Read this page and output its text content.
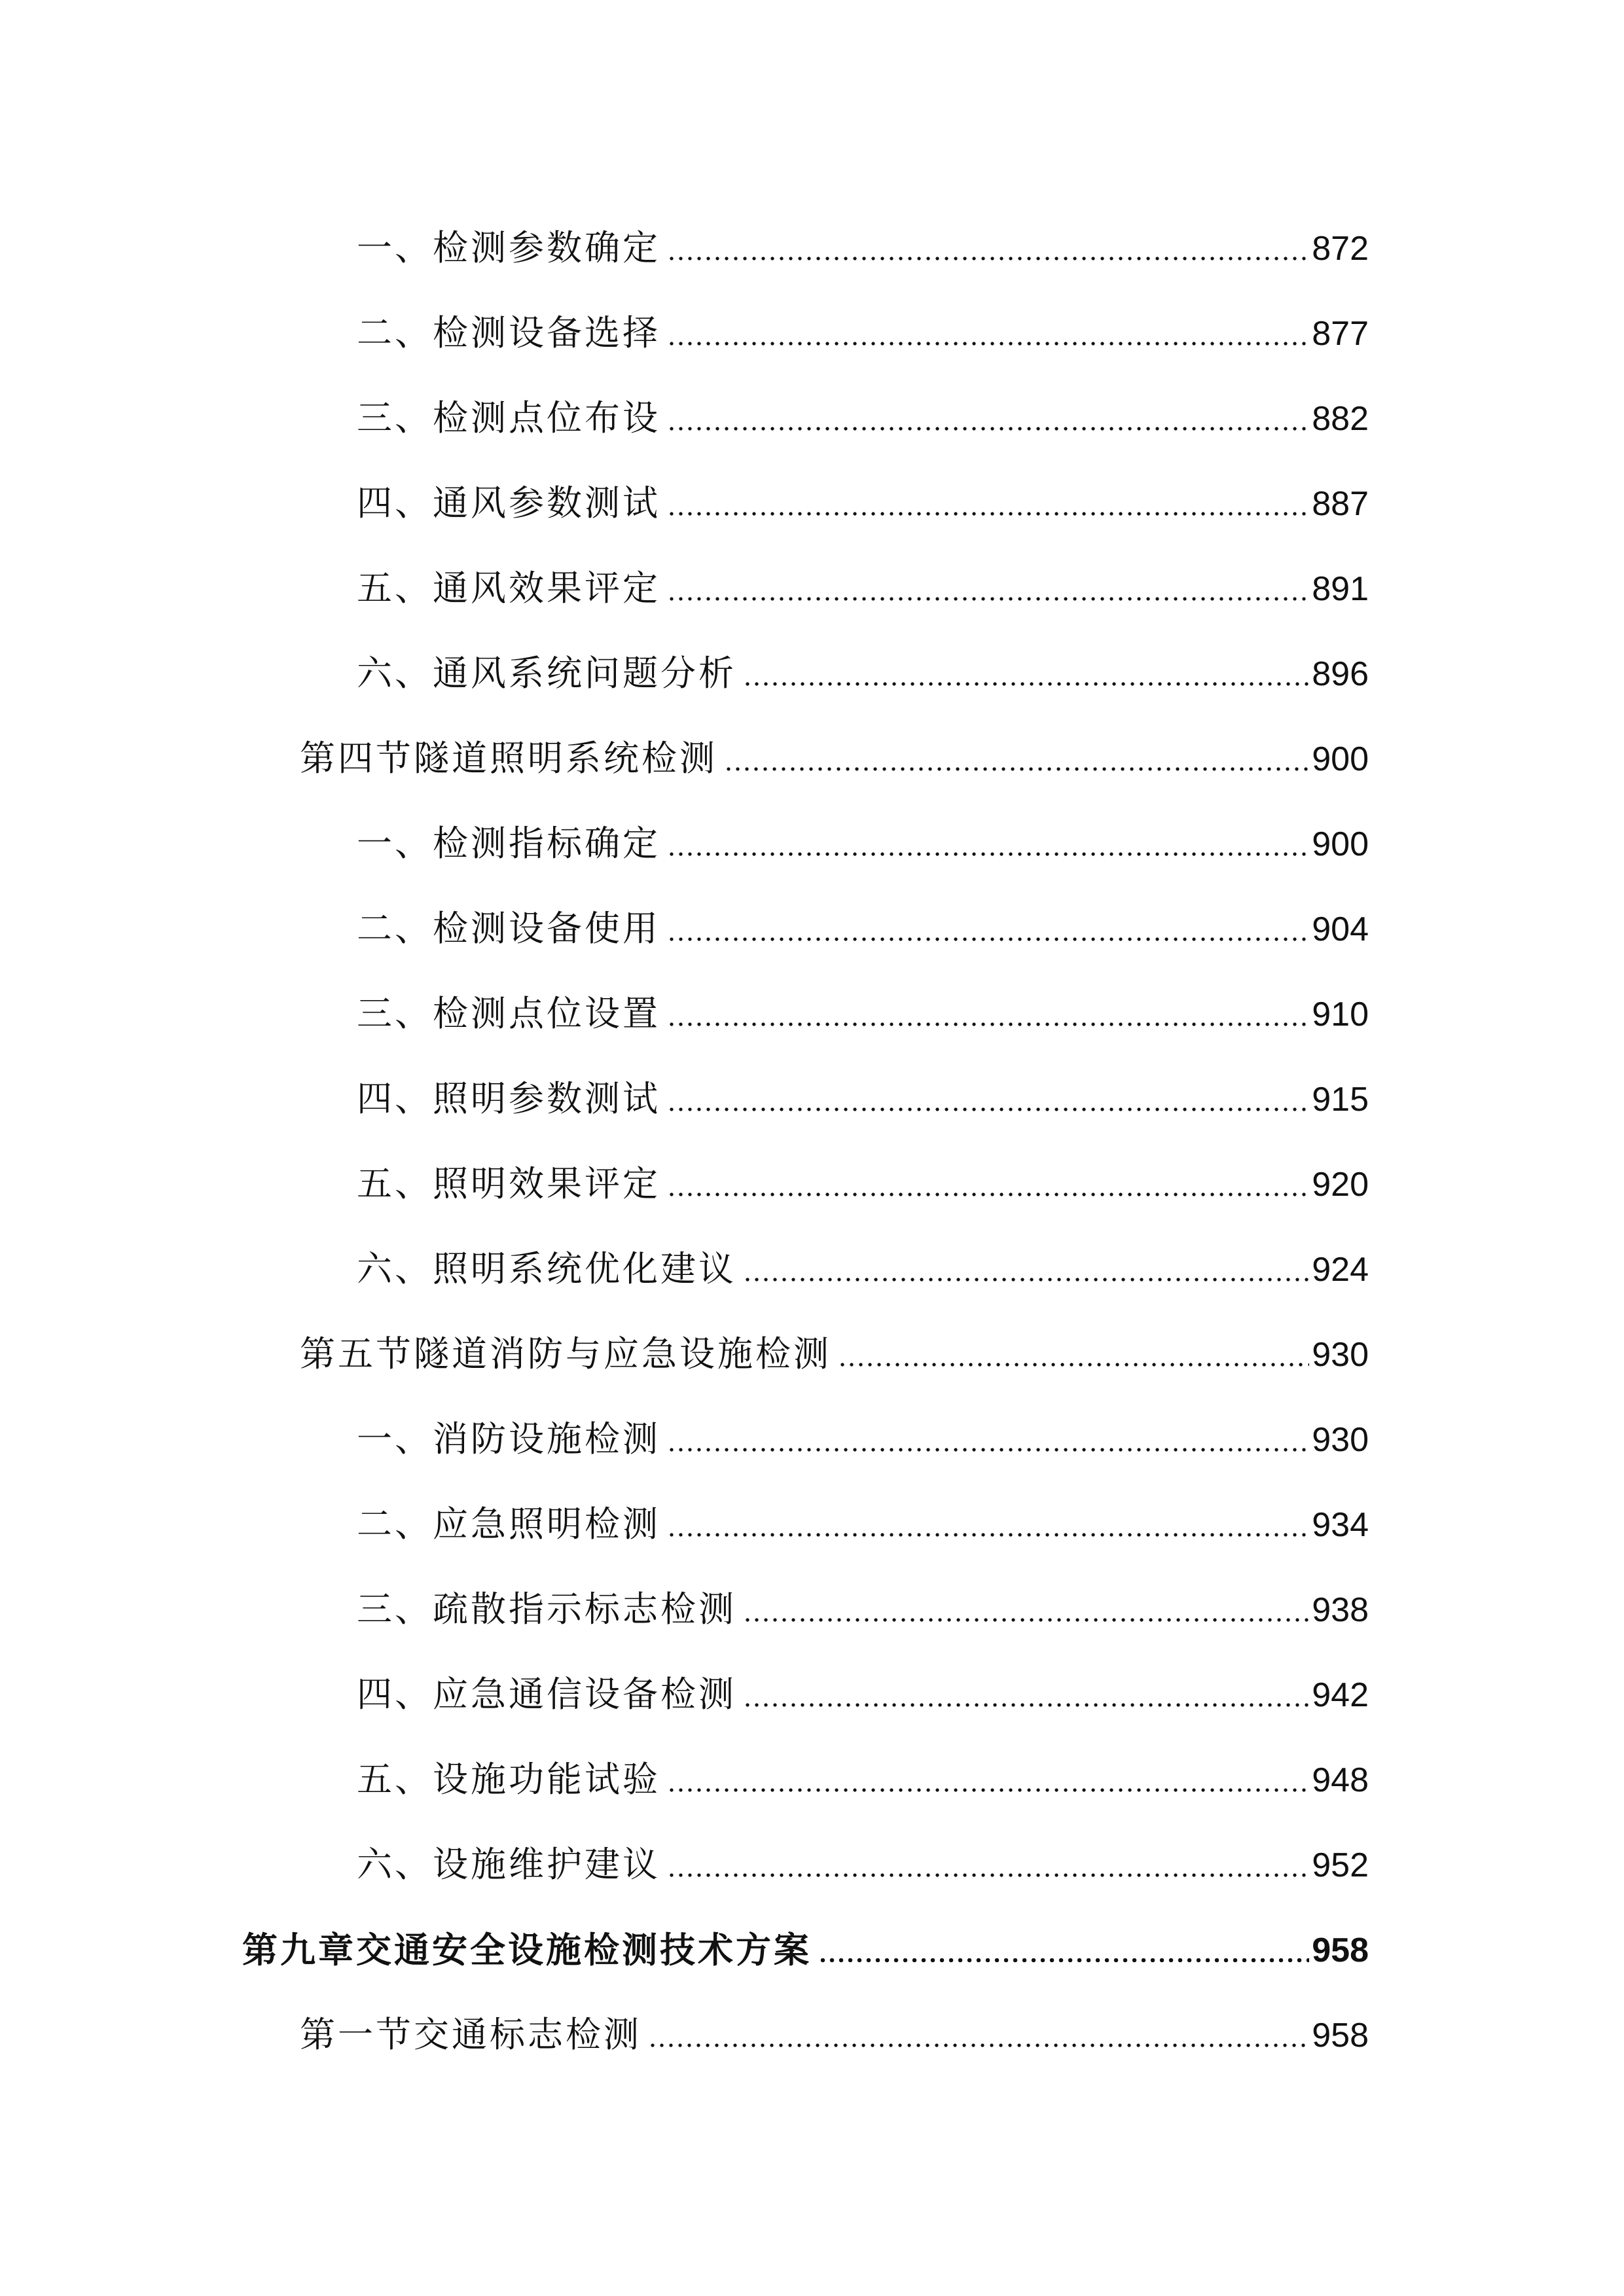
一、检测参数确定	872
二、检测设备选择	877
三、检测点位布设	882
四、通风参数测试	887
五、通风效果评定	891
六、通风系统问题分析	896
第四节隧道照明系统检测	900
一、检测指标确定	900
二、检测设备使用	904
三、检测点位设置	910
四、照明参数测试	915
五、照明效果评定	920
六、照明系统优化建议	924
第五节隧道消防与应急设施检测	930
一、消防设施检测	930
二、应急照明检测	934
三、疏散指示标志检测	938
四、应急通信设备检测	942
五、设施功能试验	948
六、设施维护建议	952
第九章交通安全设施检测技术方案	958
第一节交通标志检测	958
